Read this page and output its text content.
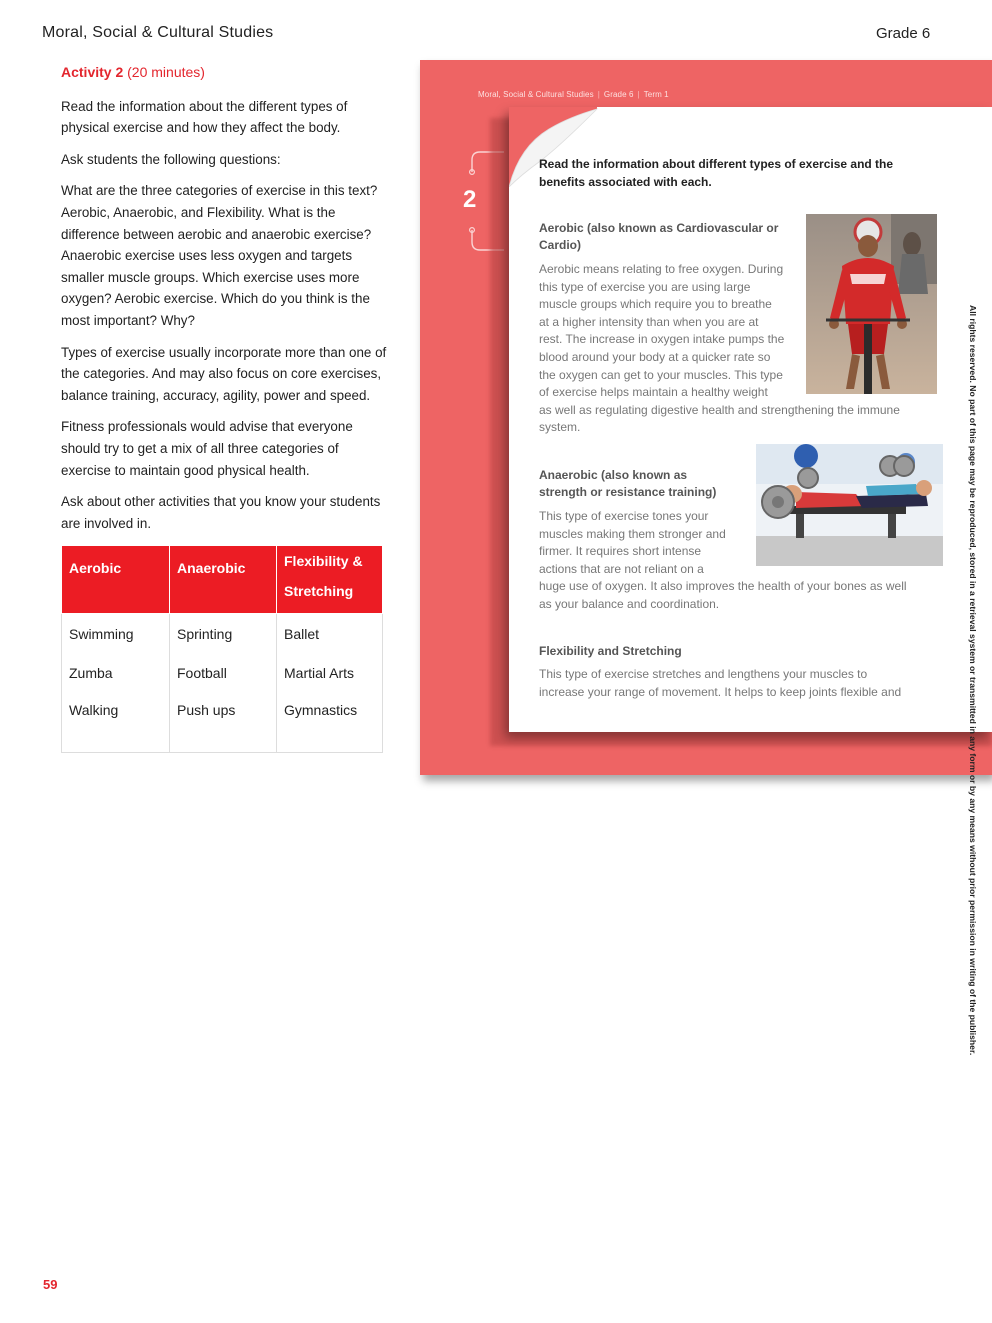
Moral, Social & Cultural Studies	Grade 6

Activity 2 (20 minutes)

Read the information about the different types of physical exercise and how they affect the body.

Ask students the following questions:

What are the three categories of exercise in this text? Aerobic, Anaerobic, and Flexibility. What is the difference between aerobic and anaerobic exercise? Anaerobic exercise uses less oxygen and targets smaller muscle groups. Which exercise uses more oxygen? Aerobic exercise. Which do you think is the most important? Why?

Types of exercise usually incorporate more than one of the categories. And may also focus on core exercises, balance training, accuracy, agility, power and speed.

Fitness professionals would advise that everyone should try to get a mix of all three categories of exercise to maintain good physical health.

Ask about other activities that you know your students are involved in.

Aerobic	Anaerobic	Flexibility & Stretching

Swimming	Sprinting	Ballet
Zumba	Football	Martial Arts
Walking	Push ups	Gymnastics
Moral, Social & Cultural Studies | Grade 6 | Term 1
2
Read the information about different types of exercise and the benefits associated with each.
Aerobic (also known as Cardiovascular or Cardio)
Aerobic means relating to free oxygen. During
this type of exercise you are using large
muscle groups which require you to breathe
at a higher intensity than when you are at
rest. The increase in oxygen intake pumps the
blood around your body at a quicker rate so
the oxygen can get to your muscles. This type
of exercise helps maintain a healthy weight
as well as regulating digestive health and strengthening the immune
system.
Anaerobic (also known as
strength or resistance training)
This type of exercise tones your
muscles making them stronger and
firmer. It requires short intense
actions that are not reliant on a
huge use of oxygen. It also improves the health of your bones as well
as your balance and coordination.
Flexibility and Stretching
This type of exercise stretches and lengthens your muscles to
increase your range of movement. It helps to keep joints flexible and	All rights reserved. No part of this page may be reproduced, stored in a retrieval system or transmitted in any form or by any means without prior permission in writing of the publisher.
59
